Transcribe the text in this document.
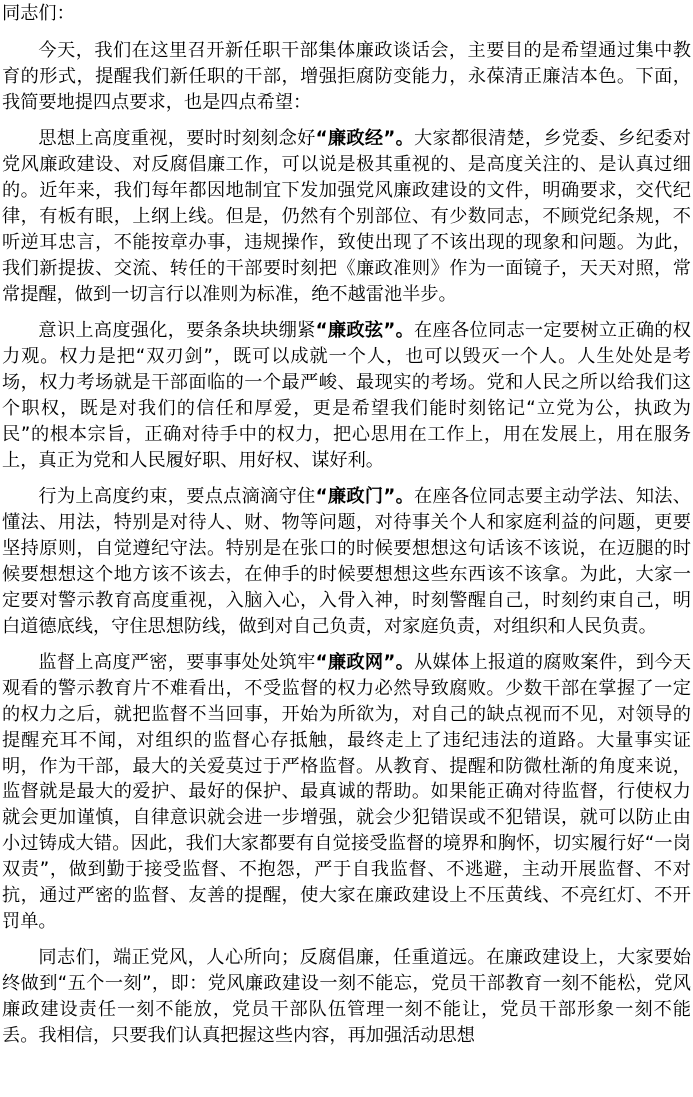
同志们：

今天，我们在这里召开新任职干部集体廉政谈话会，主要目的是希望通过集中教育的形式，提醒我们新任职的干部，增强拒腐防变能力，永葆清正廉洁本色。下面，我简要地提四点要求，也是四点希望：

思想上高度重视，要时时刻刻念好“廉政经”。大家都很清楚，乡党委、乡纪委对党风廉政建设、对反腐倡廉工作，可以说是极其重视的、是高度关注的、是认真过细的。近年来，我们每年都因地制宜下发加强党风廉政建设的文件，明确要求，交代纪律，有板有眼，上纲上线。但是，仍然有个别部位、有少数同志，不顾党纪条规，不听逆耳忠言，不能按章办事，违规操作，致使出现了不该出现的现象和问题。为此，我们新提拔、交流、转任的干部要时刻把《廉政准则》作为一面镜子，天天对照，常常提醒，做到一切言行以准则为标准，绝不越雷池半步。

意识上高度强化，要条条块块绷紧“廉政弦”。在座各位同志一定要树立正确的权力观。权力是把“双刃剑”，既可以成就一个人，也可以毁灭一个人。人生处处是考场，权力考场就是干部面临的一个最严峻、最现实的考场。党和人民之所以给我们这个职权，既是对我们的信任和厚爱，更是希望我们能时刻铭记“立党为公，执政为民”的根本宗旨，正确对待手中的权力，把心思用在工作上，用在发展上，用在服务上，真正为党和人民履好职、用好权、谋好利。

行为上高度约束，要点点滴滴守住“廉政门”。在座各位同志要主动学法、知法、懂法、用法，特别是对待人、财、物等问题，对待事关个人和家庭利益的问题，更要坚持原则，自觉遵纪守法。特别是在张口的时候要想想这句话该不该说，在迈腿的时候要想想这个地方该不该去，在伸手的时候要想想这些东西该不该拿。为此，大家一定要对警示教育高度重视，入脑入心，入骨入神，时刻警醒自己，时刻约束自己，明白道德底线，守住思想防线，做到对自己负责，对家庭负责，对组织和人民负责。

监督上高度严密，要事事处处筑牢“廉政网”。从媒体上报道的腐败案件，到今天观看的警示教育片不难看出，不受监督的权力必然导致腐败。少数干部在掌握了一定的权力之后，就把监督不当回事，开始为所欲为，对自己的缺点视而不见，对领导的提醒充耳不闻，对组织的监督心存抵触，最终走上了违纪违法的道路。大量事实证明，作为干部，最大的关爱莫过于严格监督。从教育、提醒和防微杜渐的角度来说，监督就是最大的爱护、最好的保护、最真诚的帮助。如果能正确对待监督，行使权力就会更加谨慎，自律意识就会进一步增强，就会少犯错误或不犯错误，就可以防止由小过铸成大错。因此，我们大家都要有自觉接受监督的境界和胸怀，切实履行好“一岗双责”，做到勤于接受监督、不抱怨，严于自我监督、不逃避，主动开展监督、不对抗，通过严密的监督、友善的提醒，使大家在廉政建设上不压黄线、不亮红灯、不开罚单。

同志们，端正党风，人心所向；反腐倡廉，任重道远。在廉政建设上，大家要始终做到“五个一刻”，即：党风廉政建设一刻不能忘，党员干部教育一刻不能松，党风廉政建设责任一刻不能放，党员干部队伍管理一刻不能让，党员干部形象一刻不能丢。我相信，只要我们认真把握这些内容，再加强活动思想
